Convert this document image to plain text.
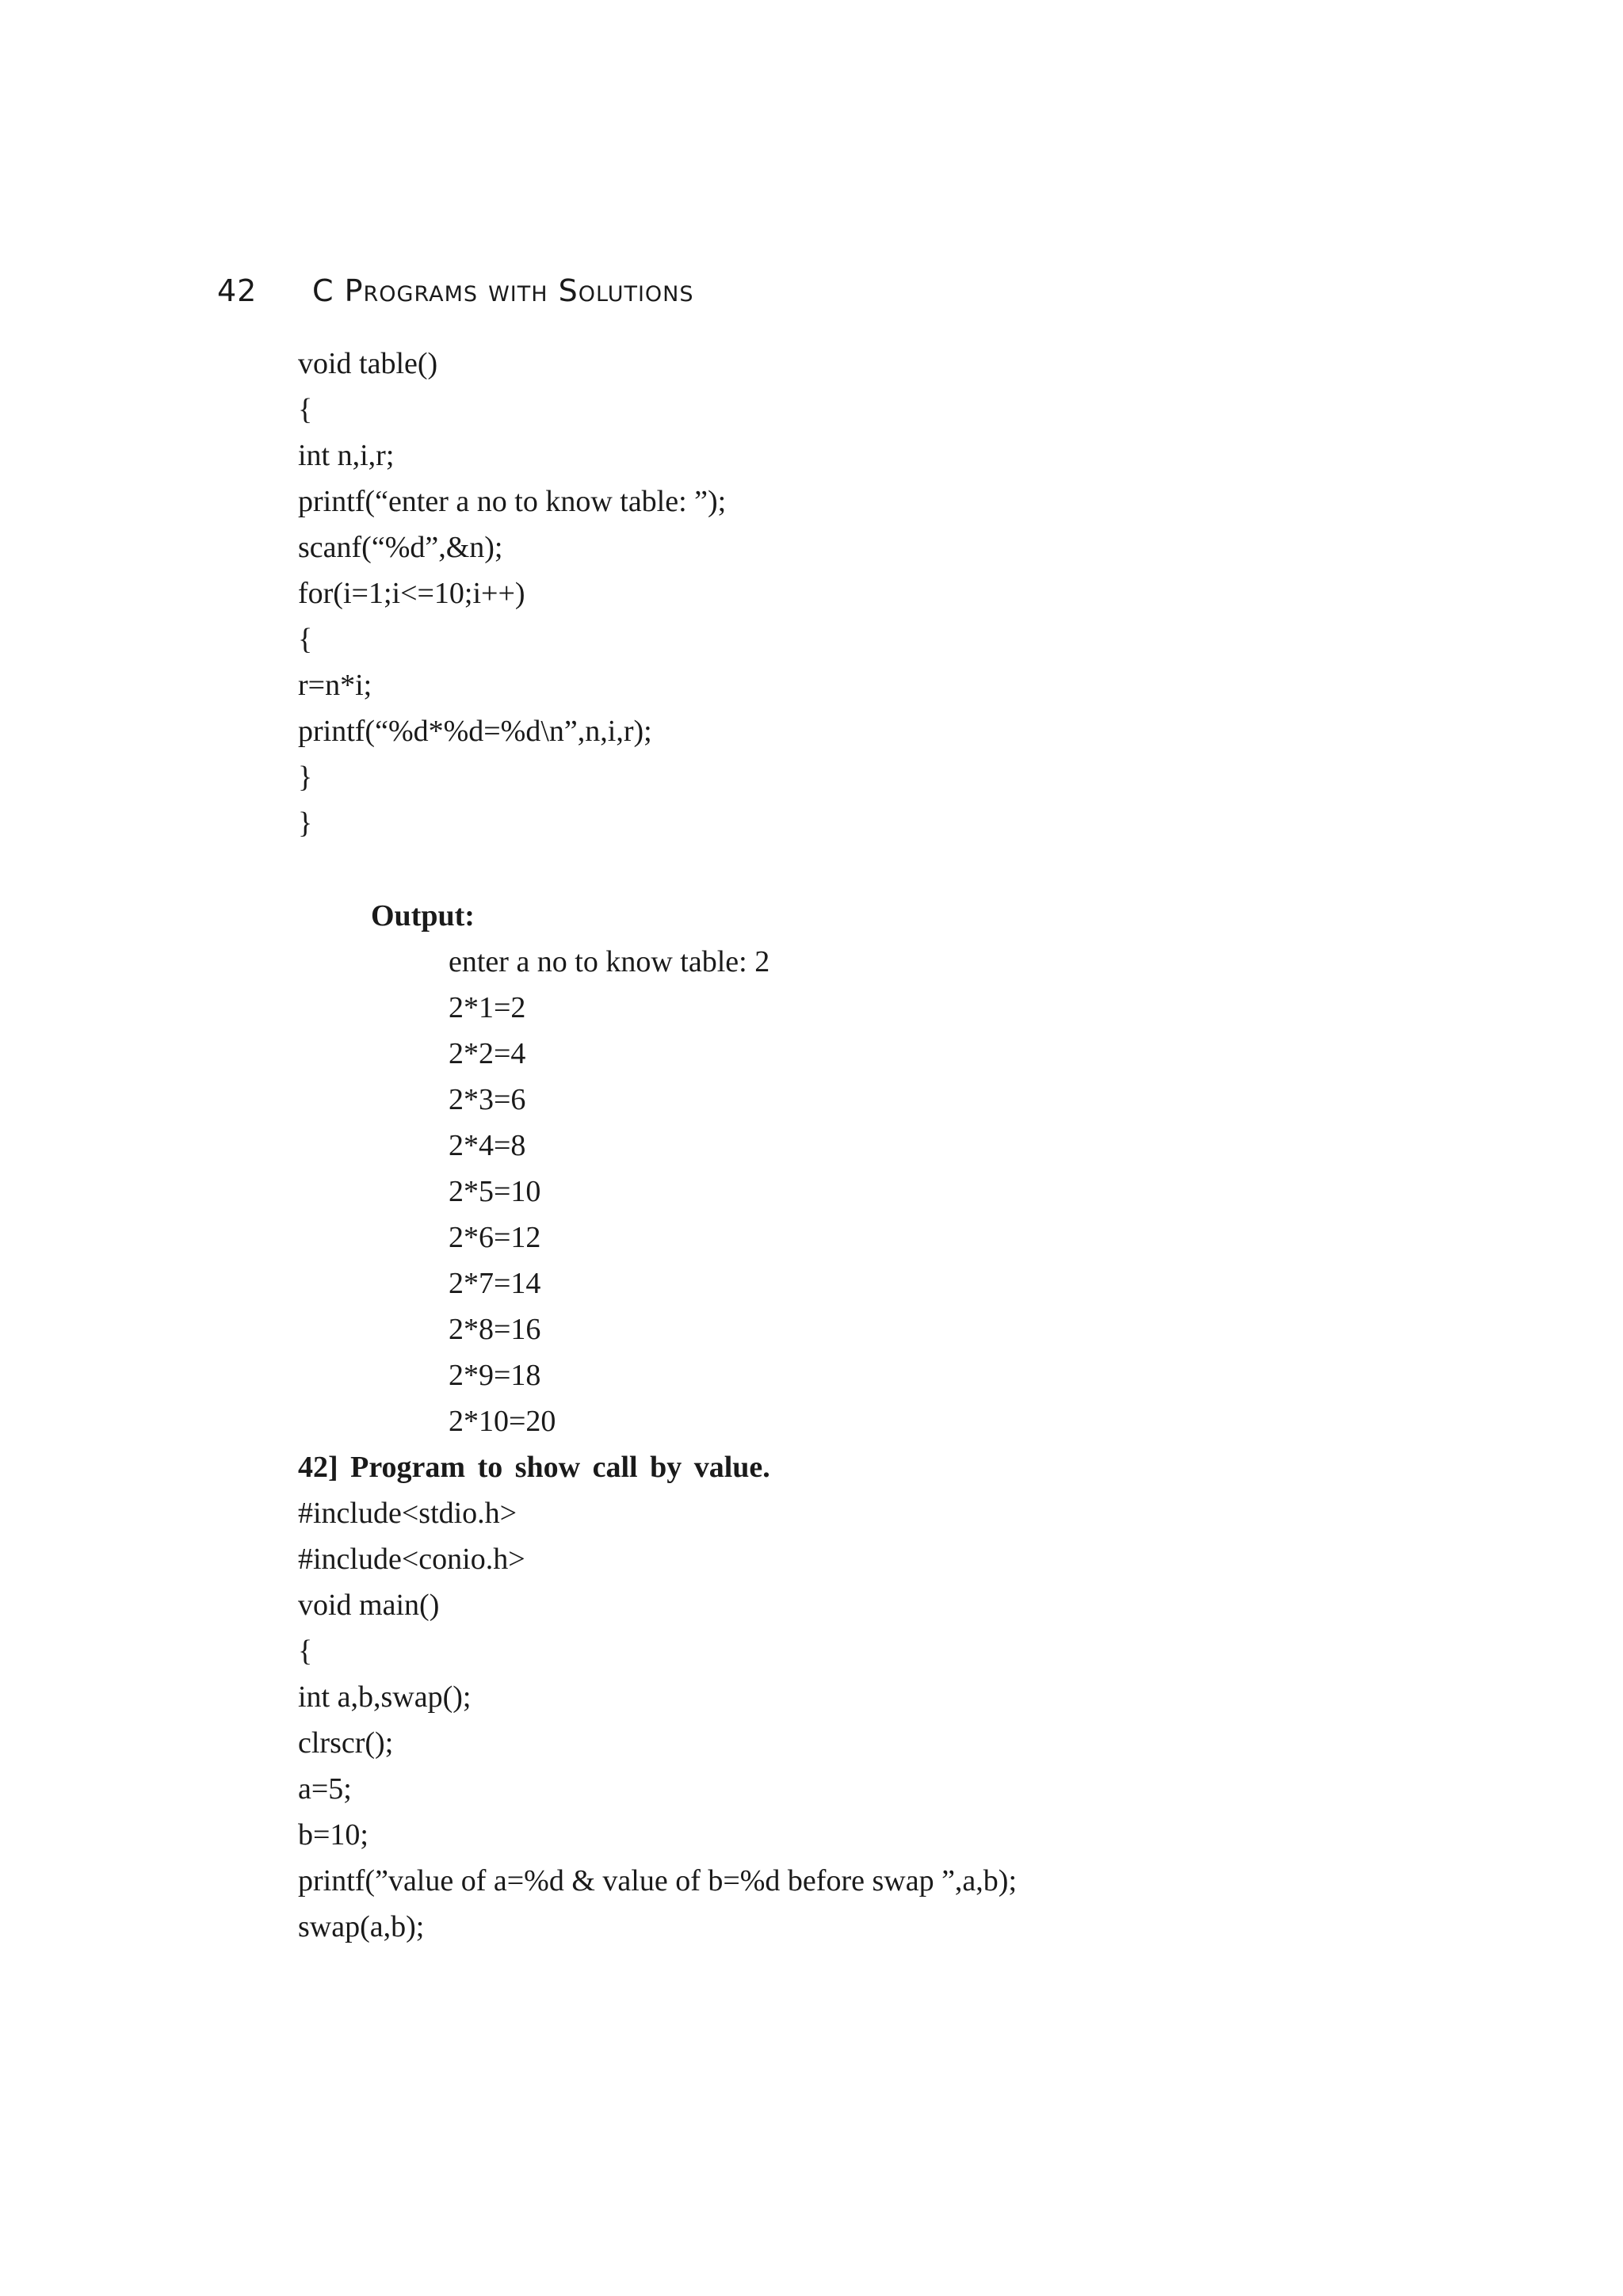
42	C Programs with Solutions
void table()
{
int n,i,r;
printf(“enter a no to know table: ”);
scanf(“%d”,&n);
for(i=1;i<=10;i++)
{
r=n*i;
printf(“%d*%d=%d\n”,n,i,r);
}
}
Output:
enter a no to know table: 2
2*1=2
2*2=4
2*3=6
2*4=8
2*5=10
2*6=12
2*7=14
2*8=16
2*9=18
2*10=20
42] Program to show call by value.
#include<stdio.h>
#include<conio.h>
void main()
{
int a,b,swap();
clrscr();
a=5;
b=10;
printf(”value of a=%d & value of b=%d before swap ”,a,b);
swap(a,b);
